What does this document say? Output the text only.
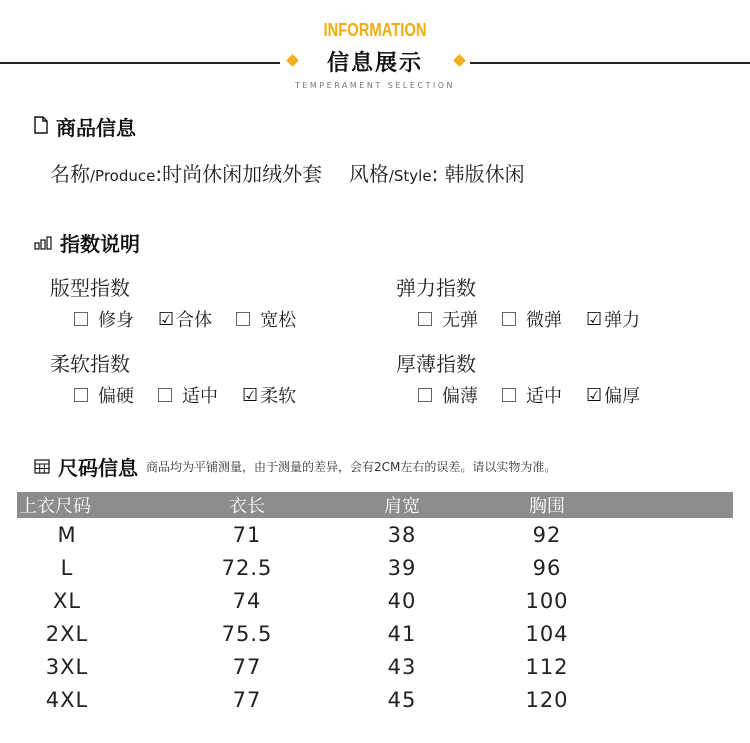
INFORMATION
信息展示
TEMPERAMENT SELECTION
商品信息
名称/Produce:时尚休闲加绒外套 风格/Style: 韩版休闲
指数说明
版型指数
修身 ☑ 合体	宽松
弹力指数
无弹	微弹 ☑ 弹力
柔软指数
偏硬	适中 ☑ 柔软
厚薄指数
偏薄	适中 ☑ 偏厚
尺码信息 商品均为平铺测量，由于测量的差异，会有2CM左右的误差。请以实物为准。
上衣尺码	衣长	肩宽	胸围	
M	71	38	92	
L	72.5	39	96	
XL	74	40	100	
2XL	75.5	41	104	
3XL	77	43	112	
4XL	77	45	120	
